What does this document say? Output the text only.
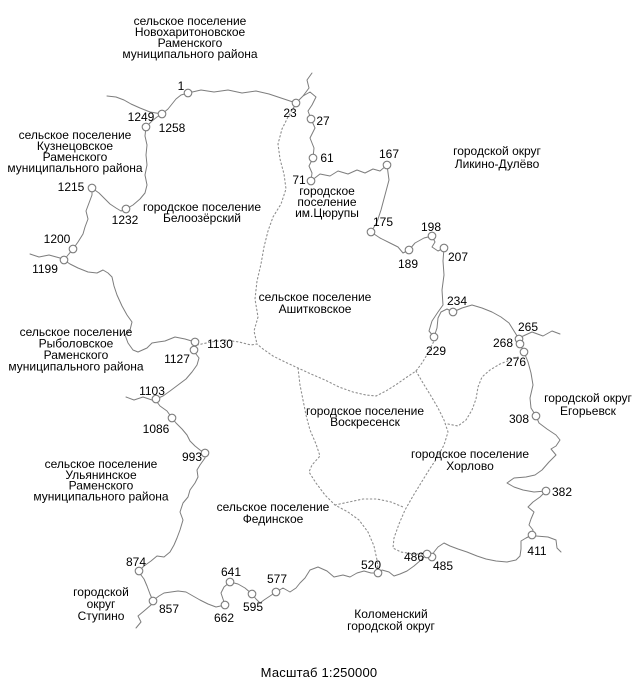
1
23
27
61
71
167
175
189
198
207
229
234
265
268
276
308
382
411
485
486
520
577
595
641
662
857
874
993
1086
1103
1127
1130
1199
1200
1215
1232
1249
1258
сельское поселение
Новохаритоновское
Раменского
муниципального района
сельское поселение
Кузнецовское
Раменского
муниципального района
городское поселение
Белоозёрский
городское
поселение
им.Цюрупы
городской округ
Ликино-Дулёво
сельское поселение
Ашитковское
сельское поселение
Рыболовское
Раменского
муниципального района
городское поселение
Воскресенск
городской округ
Егорьевск
городское поселение
Хорлово
сельское поселение
Ульянинское
Раменского
муниципального района
сельское поселение
Фединское
городской
округ
Ступино	Коломенский
городской округ
Масштаб 1:250000
